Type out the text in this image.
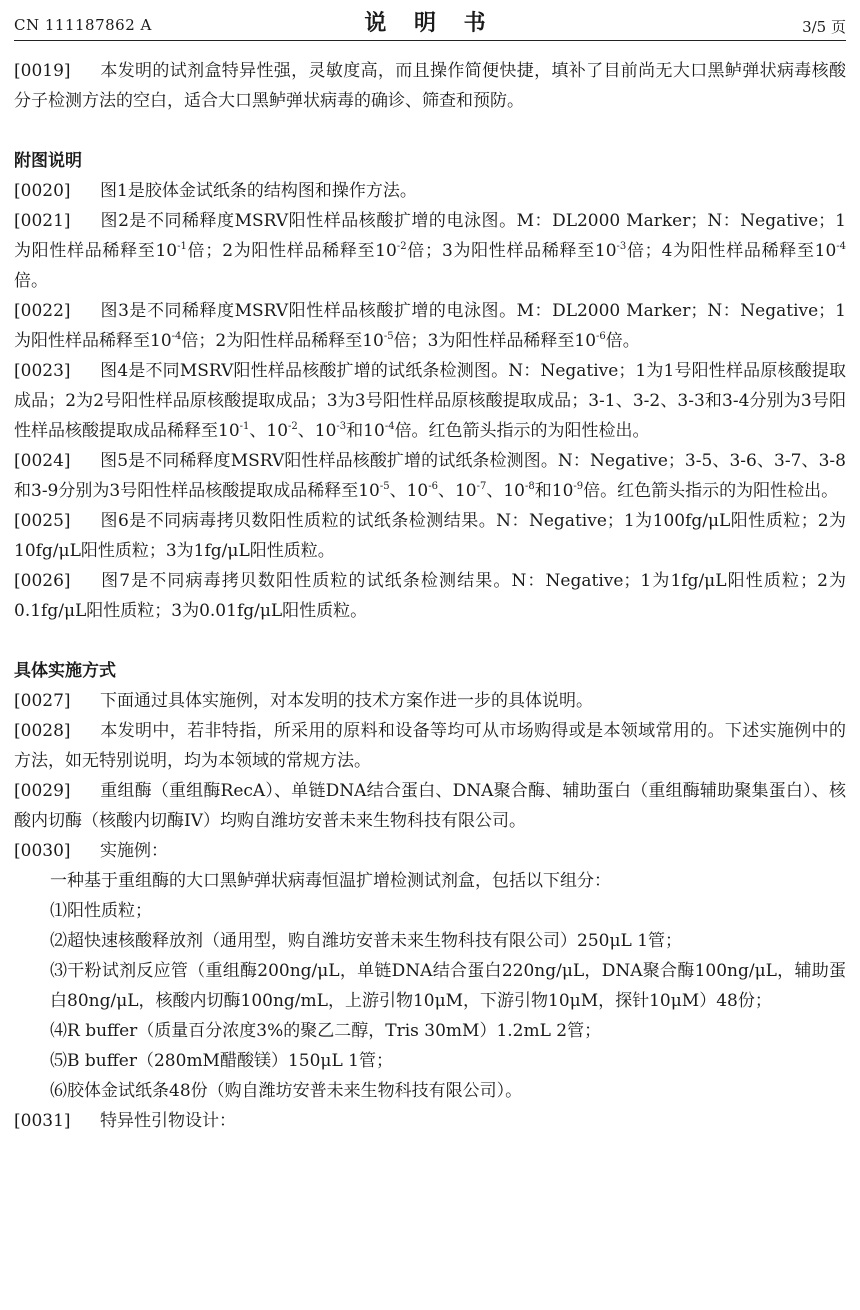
CN 111187862 A	说 明 书	3/5 页

[0019] 本发明的试剂盒特异性强，灵敏度高，而且操作简便快捷，填补了目前尚无大口黑鲈弹状病毒核酸分子检测方法的空白，适合大口黑鲈弹状病毒的确诊、筛查和预防。

附图说明

[0020] 图1是胶体金试纸条的结构图和操作方法。

[0021] 图2是不同稀释度MSRV阳性样品核酸扩增的电泳图。M：DL2000 Marker；N：Negative；1为阳性样品稀释至$10^{-1}$倍；2为阳性样品稀释至$10^{-2}$倍；3为阳性样品稀释至$10^{-3}$倍；4为阳性样品稀释至$10^{-4}$倍。

[0022] 图3是不同稀释度MSRV阳性样品核酸扩增的电泳图。M：DL2000 Marker；N：Negative；1为阳性样品稀释至$10^{-4}$倍；2为阳性样品稀释至$10^{-5}$倍；3为阳性样品稀释至$10^{-6}$倍。

[0023] 图4是不同MSRV阳性样品核酸扩增的试纸条检测图。N：Negative；1为1号阳性样品原核酸提取成品；2为2号阳性样品原核酸提取成品；3为3号阳性样品原核酸提取成品；3-1、3-2、3-3和3-4分别为3号阳性样品核酸提取成品稀释至$10^{-1}$、$10^{-2}$、$10^{-3}$和$10^{-4}$倍。红色箭头指示的为阳性检出。

[0024] 图5是不同稀释度MSRV阳性样品核酸扩增的试纸条检测图。N：Negative；3-5、3-6、3-7、3-8和3-9分别为3号阳性样品核酸提取成品稀释至$10^{-5}$、$10^{-6}$、$10^{-7}$、$10^{-8}$和$10^{-9}$倍。红色箭头指示的为阳性检出。

[0025] 图6是不同病毒拷贝数阳性质粒的试纸条检测结果。N：Negative；1为100fg/μL阳性质粒；2为10fg/μL阳性质粒；3为1fg/μL阳性质粒。

[0026] 图7是不同病毒拷贝数阳性质粒的试纸条检测结果。N：Negative；1为1fg/μL阳性质粒；2为0.1fg/μL阳性质粒；3为0.01fg/μL阳性质粒。

具体实施方式

[0027] 下面通过具体实施例，对本发明的技术方案作进一步的具体说明。

[0028] 本发明中，若非特指，所采用的原料和设备等均可从市场购得或是本领域常用的。下述实施例中的方法，如无特别说明，均为本领域的常规方法。

[0029] 重组酶（重组酶RecA）、单链DNA结合蛋白、DNA聚合酶、辅助蛋白（重组酶辅助聚集蛋白）、核酸内切酶（核酸内切酶IV）均购自潍坊安普未来生物科技有限公司。

[0030] 实施例：

一种基于重组酶的大口黑鲈弹状病毒恒温扩增检测试剂盒，包括以下组分：

⑴阳性质粒；

⑵超快速核酸释放剂（通用型，购自潍坊安普未来生物科技有限公司）250μL 1管；

⑶干粉试剂反应管（重组酶200ng/μL，单链DNA结合蛋白220ng/μL，DNA聚合酶100ng/μL，辅助蛋白80ng/μL，核酸内切酶100ng/mL，上游引物10μM，下游引物10μM，探针10μM）48份；

⑷R buffer（质量百分浓度3%的聚乙二醇，Tris 30mM）1.2mL 2管；

⑸B buffer（280mM醋酸镁）150μL 1管；

⑹胶体金试纸条48份（购自潍坊安普未来生物科技有限公司）。

[0031] 特异性引物设计：
